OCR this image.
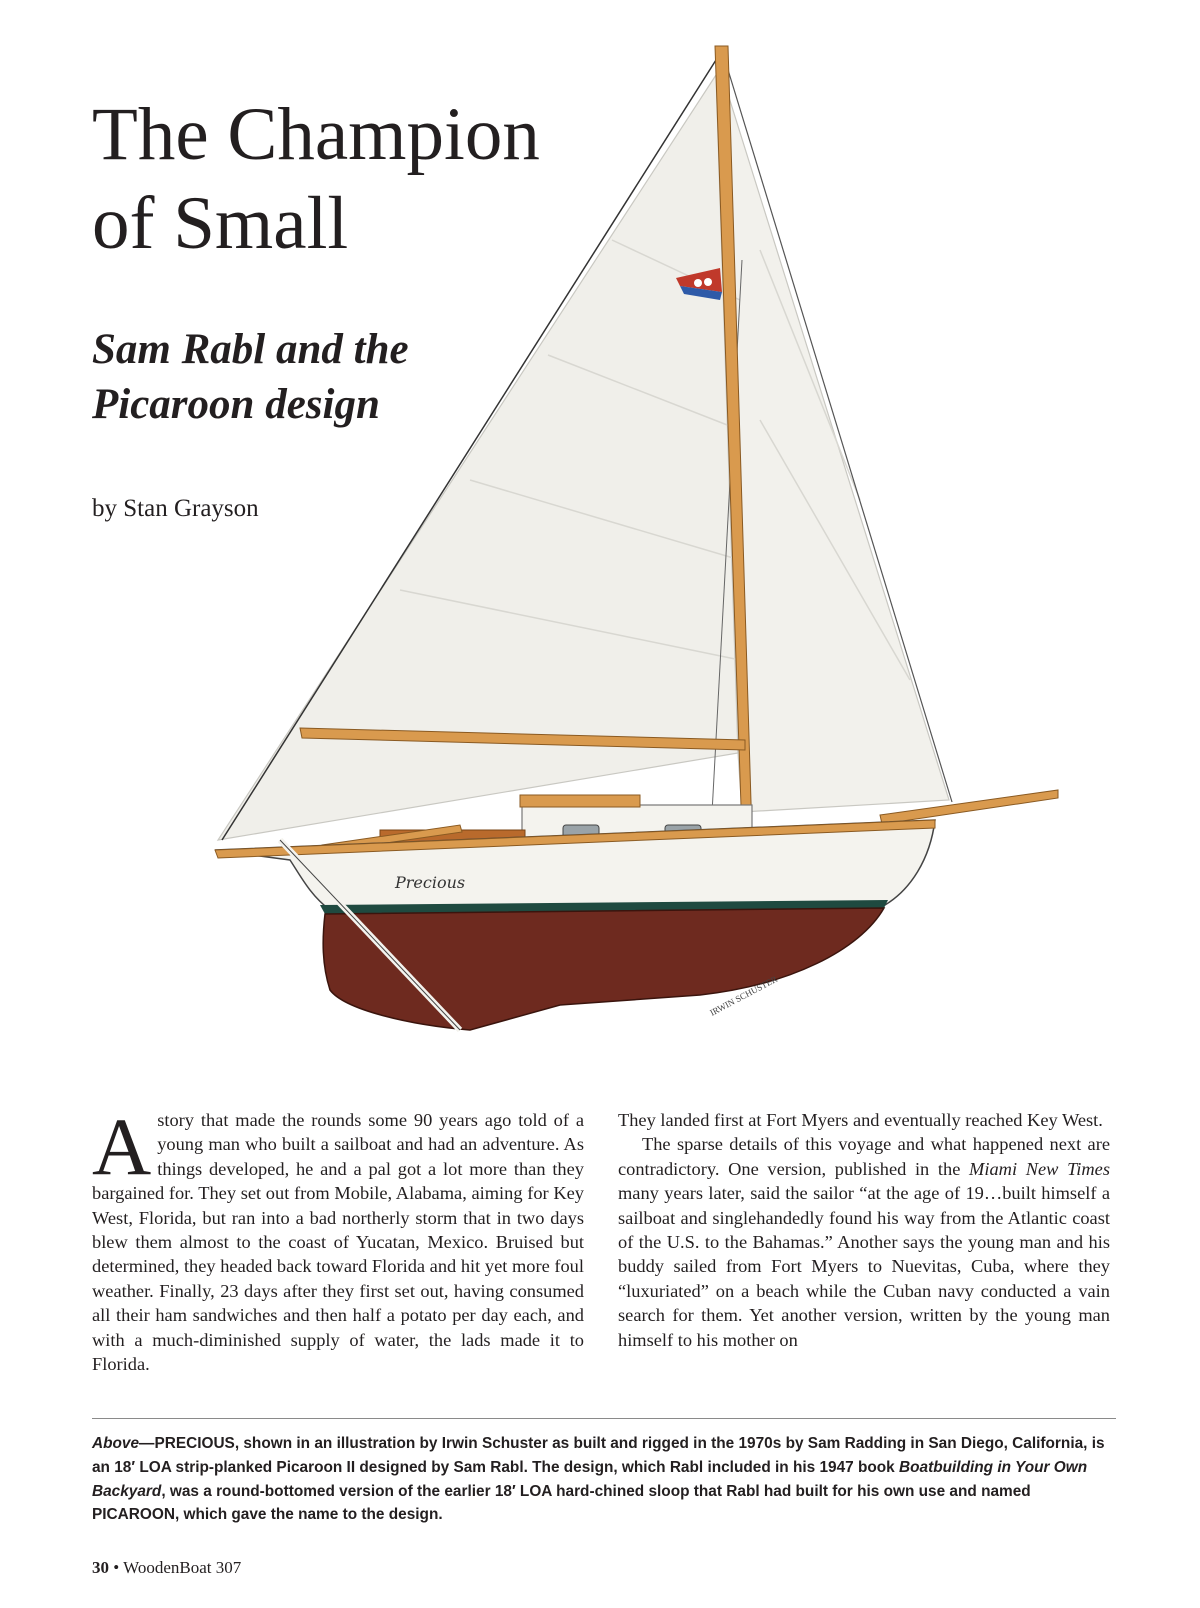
The Champion of Small
Sam Rabl and the Picaroon design

by Stan Grayson

Precious
IRWIN SCHUSTER

Astory that made the rounds some 90 years ago told of a young man who built a sailboat and had an adventure. As things developed, he and a pal got a lot more than they bargained for. They set out from Mobile, Alabama, aiming for Key West, Florida, but ran into a bad northerly storm that in two days blew them almost to the coast of Yucatan, Mexico. Bruised but determined, they headed back toward Florida and hit yet more foul weather. Finally, 23 days after they first set out, having consumed all their ham sandwiches and then half a potato per day each, and with a much-diminished supply of water, the lads made it to Florida.

They landed first at Fort Myers and eventually reached Key West.

The sparse details of this voyage and what happened next are contradictory. One version, published in the Miami New Times many years later, said the sailor “at the age of 19…built himself a sailboat and singlehandedly found his way from the Atlantic coast of the U.S. to the Bahamas.” Another says the young man and his buddy sailed from Fort Myers to Nuevitas, Cuba, where they “luxuriated” on a beach while the Cuban navy conducted a vain search for them. Yet another version, written by the young man himself to his mother on

Above—PRECIOUS, shown in an illustration by Irwin Schuster as built and rigged in the 1970s by Sam Radding in San Diego, California, is an 18′ LOA strip-planked Picaroon II designed by Sam Rabl. The design, which Rabl included in his 1947 book Boatbuilding in Your Own Backyard, was a round-bottomed version of the earlier 18′ LOA hard-chined sloop that Rabl had built for his own use and named PICAROON, which gave the name to the design.

30 • WoodenBoat 307
